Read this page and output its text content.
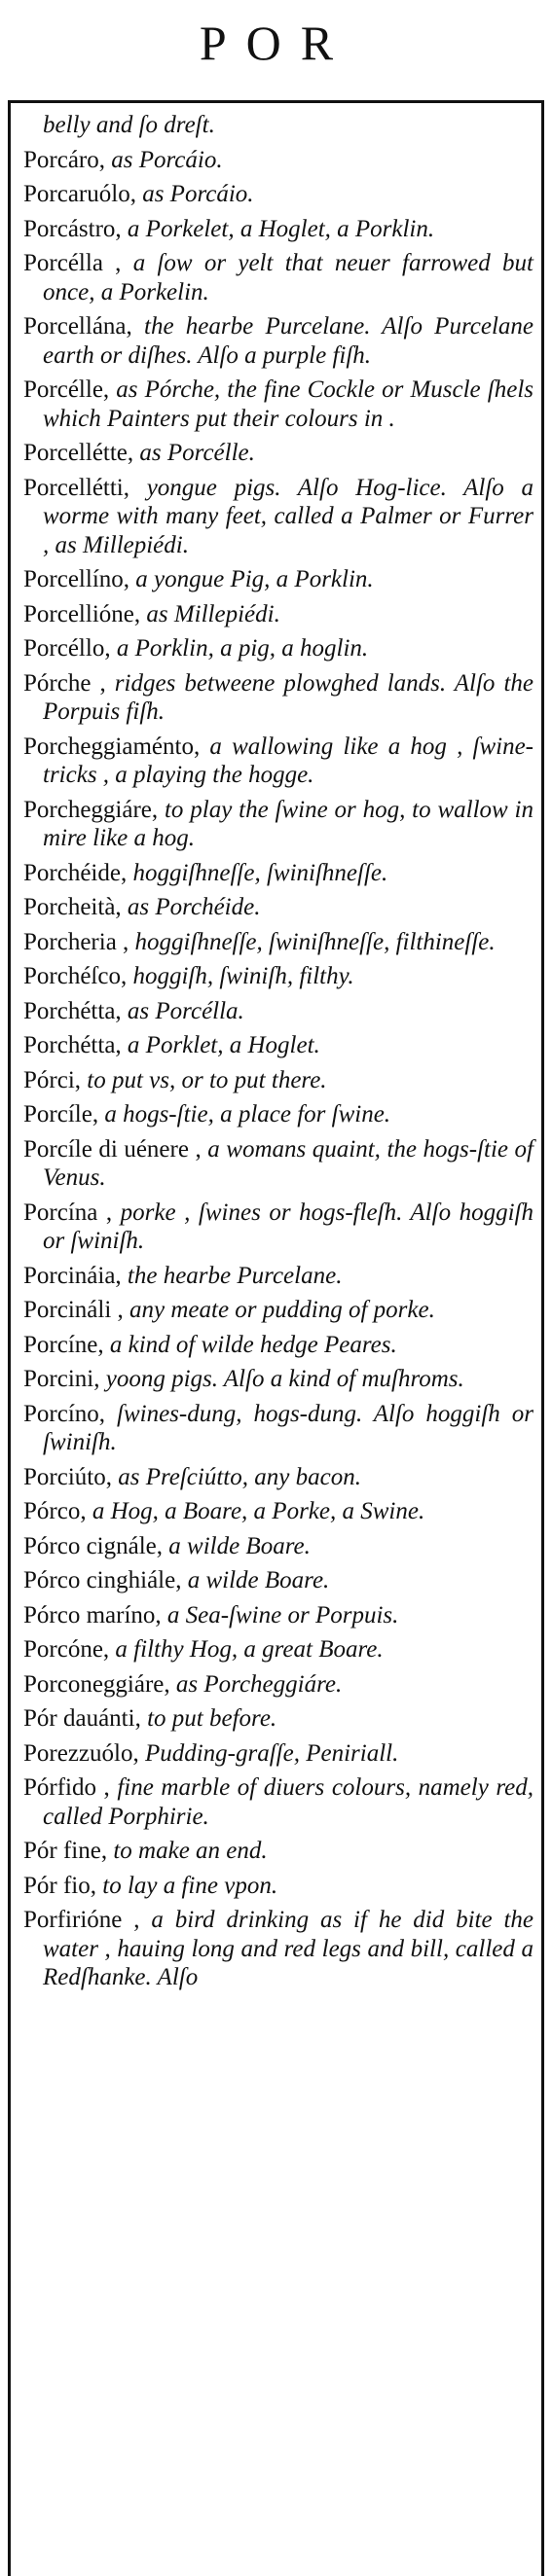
POR
belly and ſo dreſt.
Porcáro, as Porcáio.
Porcaruólo, as Porcáio.
Porcástro, a Porkelet, a Hoglet, a Porklin.
Porcélla , a ſow or yelt that neuer farrowed but once, a Porkelin.
Porcellána, the hearbe Purcelane. Alſo Purcelane earth or diſhes. Alſo a purple fiſh.
Porcélle, as Pórche, the fine Cockle or Muscle ſhels which Painters put their colours in .
Porcellétte, as Porcélle.
Porcellétti, yongue pigs. Alſo Hog-lice. Alſo a worme with many feet, called a Palmer or Furrer , as Millepiédi.
Porcellíno, a yongue Pig, a Porklin.
Porcellióne, as Millepiédi.
Porcéllo, a Porklin, a pig, a hoglin.
Pórche , ridges betweene plowghed lands. Alſo the Porpuis fiſh.
Porcheggiaménto, a wallowing like a hog , ſwine-tricks , a playing the hogge.
Porcheggiáre, to play the ſwine or hog, to wallow in mire like a hog.
Porchéide, hoggiſhneſſe, ſwiniſhneſſe.
Porcheità, as Porchéide.
Porcheria , hoggiſhneſſe, ſwiniſhneſſe, filthineſſe.
Porchéſco, hoggiſh, ſwiniſh, filthy.
Porchétta, as Porcélla.
Porchétta, a Porklet, a Hoglet.
Pórci, to put vs, or to put there.
Porcíle, a hogs-ſtie, a place for ſwine.
Porcíle di uénere , a womans quaint, the hogs-ſtie of Venus.
Porcína , porke , ſwines or hogs-fleſh. Alſo hoggiſh or ſwiniſh.
Porcináia, the hearbe Purcelane.
Porcináli , any meate or pudding of porke.
Porcíne, a kind of wilde hedge Peares.
Porcini, yoong pigs. Alſo a kind of muſhroms.
Porcíno, ſwines-dung, hogs-dung. Alſo hoggiſh or ſwiniſh.
Porciúto, as Preſciútto, any bacon.
Pórco, a Hog, a Boare, a Porke, a Swine.
Pórco cignále, a wilde Boare.
Pórco cinghiále, a wilde Boare.
Pórco maríno, a Sea-ſwine or Porpuis.
Porcóne, a filthy Hog, a great Boare.
Porconeggiáre, as Porcheggiáre.
Pór dauánti, to put before.
Porezzuólo, Pudding-graſſe, Peniriall.
Pórfido , fine marble of diuers colours, namely red, called Porphirie.
Pór fine, to make an end.
Pór fio, to lay a fine vpon.
Porfirióne , a bird drinking as if he did bite the water , hauing long and red legs and bill, called a Redſhanke. Alſo
